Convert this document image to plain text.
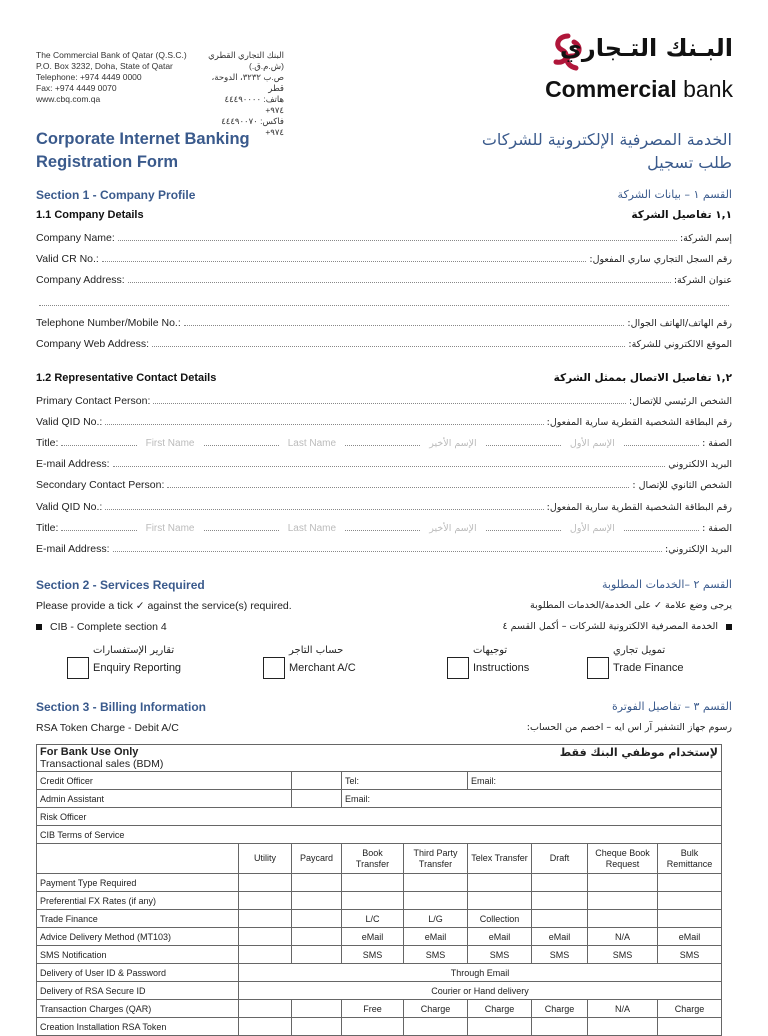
The Commercial Bank of Qatar (Q.S.C.)
P.O. Box 3232, Doha, State of Qatar
Telephone: +974 4449 0000
Fax: +974 4449 0070
www.cbq.com.qa
البنك التجاري القطري (ش.م.ق.)
ص.ب ٣٢٣٢، الدوحة، قطر
هاتف: ٤٤٤٩٠٠٠٠ ٩٧٤+
فاكس: ٤٤٤٩٠٠٧٠ ٩٧٤+
البـنك التـجاري
Commercial bank
Corporate Internet Banking
Registration Form
الخدمة المصرفية الإلكترونية للشركات
طلب تسجيل
Section 1 - Company Profile	القسم ١ – بيانات الشركة
1.1 Company Details	١,١ تفاصيل الشركة
Company Name:	إسم الشركة:
Valid CR No.:	رقم السجل التجاري ساري المفعول:
Company Address:	عنوان الشركة:
Telephone Number/Mobile No.:	رقم الهاتف/الهاتف الجوال:
Company Web Address:	الموقع الالكتروني للشركة:
1.2 Representative Contact Details	١,٢ تفاصيل الاتصال بممثل الشركة
Primary Contact Person:	الشخص الرئيسي للإتصال:
Valid QID No.:	رقم البطاقة الشخصية القطرية سارية المفعول:
Title:	First Name	Last Name	الإسم الأخير	الإسم الأول	الصفة :
E-mail Address:	البريد الالكتروني
Secondary Contact Person:	الشخص الثانوي للإتصال :
Valid QID No.:	رقم البطاقة الشخصية القطرية سارية المفعول:
Title:	First Name	Last Name	الإسم الأخير	الإسم الأول	الصفة :
E-mail Address:	البريد الإلكتروني:
Section 2 - Services Required	القسم ٢ –الخدمات المطلوبة
Please provide a tick ✓ against the service(s) required.	يرجى وضع علامة ✓ على الخدمة/الخدمات المطلوبة
CIB - Complete section 4	الخدمة المصرفية الالكترونية للشركات – أكمل القسم ٤
تقارير الإستفسارات
Enquiry Reporting
حساب التاجر
Merchant A/C
توجيهات
Instructions
تمويل تجاري
Trade Finance
Section 3 - Billing Information	القسم ٣ – تفاصيل الفوترة
RSA Token Charge - Debit A/C	رسوم جهاز التشفير آر اس ايه – اخصم من الحساب:
لإستخدام موظفي البنك فقط
For Bank Use Only
Transactional sales (BDM)								

Credit Officer			Tel:		Email:			
Admin Assistant			Email:					
Risk Officer								
CIB Terms of Service								
	Utility	Paycard	Book Transfer	Third Party Transfer	Telex Transfer	Draft	Cheque Book Request	Bulk Remittance
Payment Type Required								
Preferential FX Rates (if any)								
Trade Finance			L/C	L/G	Collection			
Advice Delivery Method (MT103)			eMail	eMail	eMail	eMail	N/A	eMail
SMS Notification			SMS	SMS	SMS	SMS	SMS	SMS
Delivery of User ID & Password	Through Email							
Delivery of RSA Secure ID	Courier or Hand delivery							
Transaction Charges (QAR)			Free	Charge	Charge	Charge	N/A	Charge
Creation Installation RSA Token								
